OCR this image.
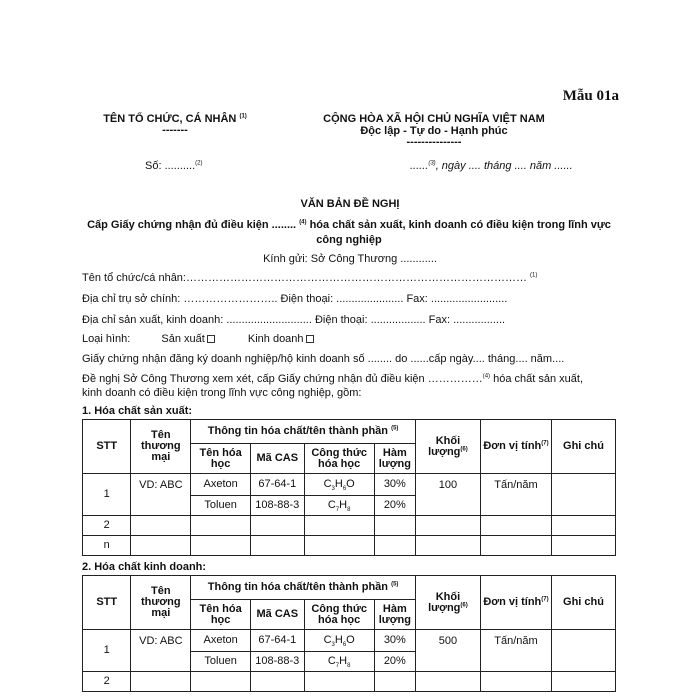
Mẫu 01a
TÊN TỔ CHỨC, CÁ NHÂN $^{(1)}$
-------
CỘNG HÒA XÃ HỘI CHỦ NGHĨA VIỆT NAM
Độc lập - Tự do - Hạnh phúc
---------------
Số: ..........$^{(2)}$	......$^{(3)}$, ngày .... tháng .... năm ......
VĂN BẢN ĐỀ NGHỊ
Cấp Giấy chứng nhận đủ điều kiện ........ $^{(4)}$ hóa chất sản xuất, kinh doanh có điều kiện trong lĩnh vực công nghiệp
Kính gửi: Sở Công Thương ............
Tên tổ chức/cá nhân:………………………………………………………………………………… $^{(1)}$
Địa chỉ trụ sở chính: …………………….. Điện thoại: ...................... Fax: .........................
Địa chỉ sản xuất, kinh doanh: ............................ Điện thoại: .................. Fax: .................
Loại hình:	Sản xuất	Kinh doanh
Giấy chứng nhận đăng ký doanh nghiệp/hộ kinh doanh số ........ do ......cấp ngày.... tháng.... năm....
Đề nghị Sở Công Thương xem xét, cấp Giấy chứng nhận đủ điều kiện ……………$^{(4)}$ hóa chất sản xuất,
kinh doanh có điều kiện trong lĩnh vực công nghiệp, gồm:
1. Hóa chất sản xuất:
STT	Tên thương mại	Thông tin hóa chất/tên thành phần $^{(5)}$				Khối lượng$^{(6)}$	Đơn vị tính$^{(7)}$	Ghi chú
		Tên hóa học	Mã CAS	Công thức hóa học	Hàm lượng			
1	VD: ABC	Axeton	67-64-1	$C_3H_6O$	30%	100	Tấn/năm	
		Toluen	108-88-3	$C_7H_8$	20%			
2								
n								
2. Hóa chất kinh doanh:
STT	Tên thương mại	Thông tin hóa chất/tên thành phần $^{(5)}$				Khối lượng$^{(6)}$	Đơn vị tính$^{(7)}$	Ghi chú
		Tên hóa học	Mã CAS	Công thức hóa học	Hàm lượng			
1	VD: ABC	Axeton	67-64-1	$C_3H_6O$	30%	500	Tấn/năm	
		Toluen	108-88-3	$C_7H_8$	20%			
2								
